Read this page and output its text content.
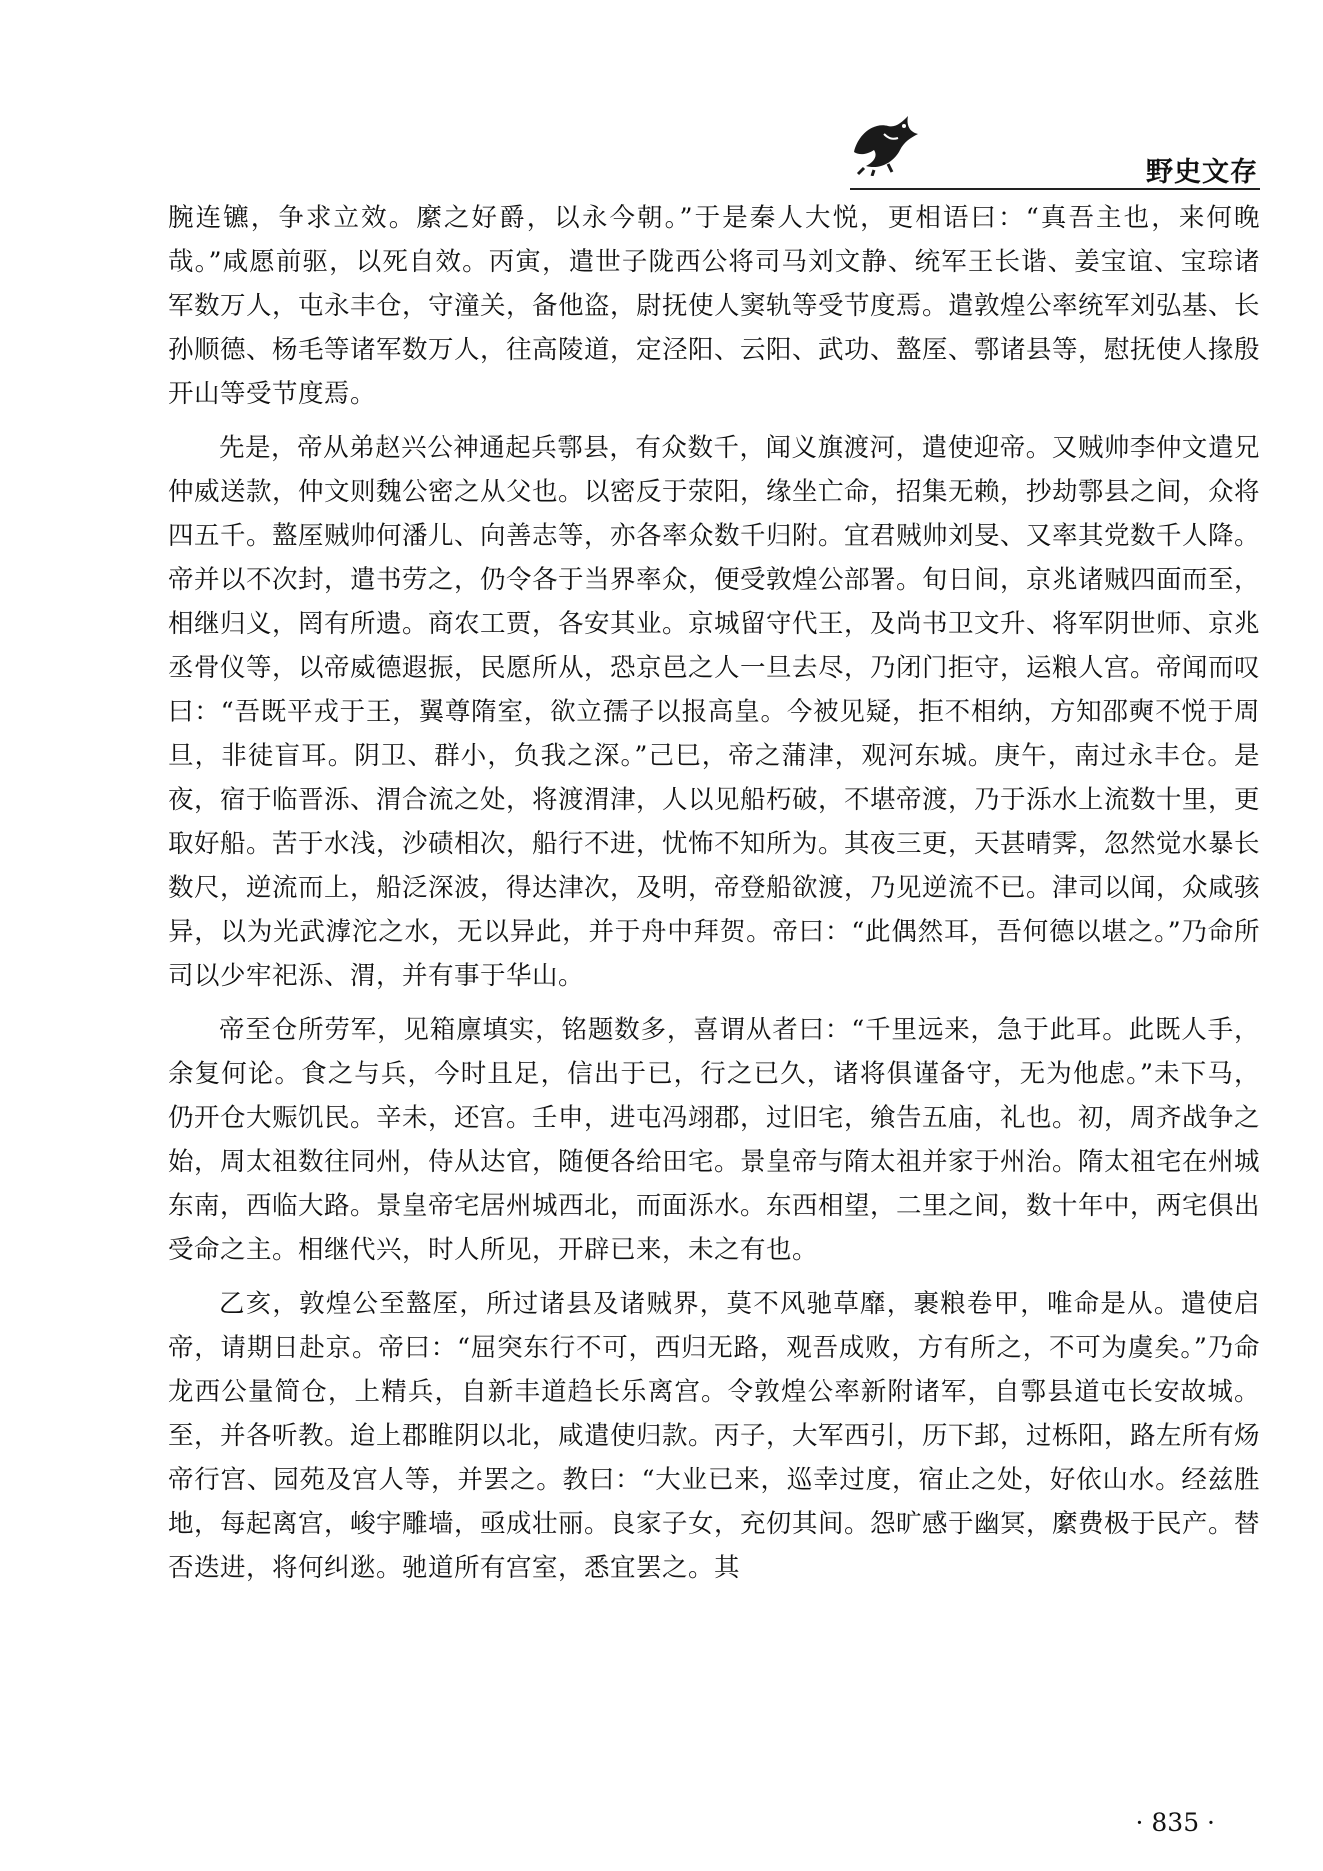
野史文存

腕连镳，争求立效。縻之好爵，以永今朝。”于是秦人大悦，更相语曰：“真吾主也，来何晚哉。”咸愿前驱，以死自效。丙寅，遣世子陇西公将司马刘文静、统军王长谐、姜宝谊、宝琮诸军数万人，屯永丰仓，守潼关，备他盗，尉抚使人窦轨等受节度焉。遣敦煌公率统军刘弘基、长孙顺德、杨毛等诸军数万人，往高陵道，定泾阳、云阳、武功、盩厔、鄠诸县等，慰抚使人掾殷开山等受节度焉。

先是，帝从弟赵兴公神通起兵鄠县，有众数千，闻义旗渡河，遣使迎帝。又贼帅李仲文遣兄仲威送款，仲文则魏公密之从父也。以密反于荥阳，缘坐亡命，招集无赖，抄劫鄠县之间，众将四五千。盩厔贼帅何潘儿、向善志等，亦各率众数千归附。宜君贼帅刘旻、又率其党数千人降。帝并以不次封，遣书劳之，仍令各于当界率众，便受敦煌公部署。旬日间，京兆诸贼四面而至，相继归义，罔有所遗。商农工贾，各安其业。京城留守代王，及尚书卫文升、将军阴世师、京兆丞骨仪等，以帝威德遐振，民愿所从，恐京邑之人一旦去尽，乃闭门拒守，运粮人宫。帝闻而叹曰：“吾既平戎于王，翼尊隋室，欲立孺子以报高皇。今被见疑，拒不相纳，方知邵奭不悦于周旦，非徒盲耳。阴卫、群小，负我之深。”己巳，帝之蒲津，观河东城。庚午，南过永丰仓。是夜，宿于临晋泺、渭合流之处，将渡渭津，人以见船朽破，不堪帝渡，乃于泺水上流数十里，更取好船。苦于水浅，沙碛相次，船行不进，忧怖不知所为。其夜三更，天甚晴霁，忽然觉水暴长数尺，逆流而上，船泛深波，得达津次，及明，帝登船欲渡，乃见逆流不已。津司以闻，众咸骇异，以为光武滹沱之水，无以异此，并于舟中拜贺。帝曰：“此偶然耳，吾何德以堪之。”乃命所司以少牢祀泺、渭，并有事于华山。

帝至仓所劳军，见箱廪填实，铭题数多，喜谓从者曰：“千里远来，急于此耳。此既人手，余复何论。食之与兵，今时且足，信出于已，行之已久，诸将俱谨备守，无为他虑。”未下马，仍开仓大赈饥民。辛未，还宫。壬申，进屯冯翊郡，过旧宅，飨告五庙，礼也。初，周齐战争之始，周太祖数往同州，侍从达官，随便各给田宅。景皇帝与隋太祖并家于州治。隋太祖宅在州城东南，西临大路。景皇帝宅居州城西北，而面泺水。东西相望，二里之间，数十年中，两宅俱出受命之主。相继代兴，时人所见，开辟已来，未之有也。

乙亥，敦煌公至盩厔，所过诸县及诸贼界，莫不风驰草靡，裹粮卷甲，唯命是从。遣使启帝，请期日赴京。帝曰：“屈突东行不可，西归无路，观吾成败，方有所之，不可为虞矣。”乃命龙西公量简仓，上精兵，自新丰道趋长乐离宫。令敦煌公率新附诸军，自鄠县道屯长安故城。至，并各听教。迨上郡睢阴以北，咸遣使归款。丙子，大军西引，历下邽，过栎阳，路左所有炀帝行宫、园苑及宫人等，并罢之。教曰：“大业已来，巡幸过度，宿止之处，好依山水。经兹胜地，每起离宫，峻宇雕墙，亟成壮丽。良家子女，充仞其间。怨旷感于幽冥，縻费极于民产。替否迭进，将何纠逖。驰道所有宫室，悉宜罢之。其

· 835 ·
